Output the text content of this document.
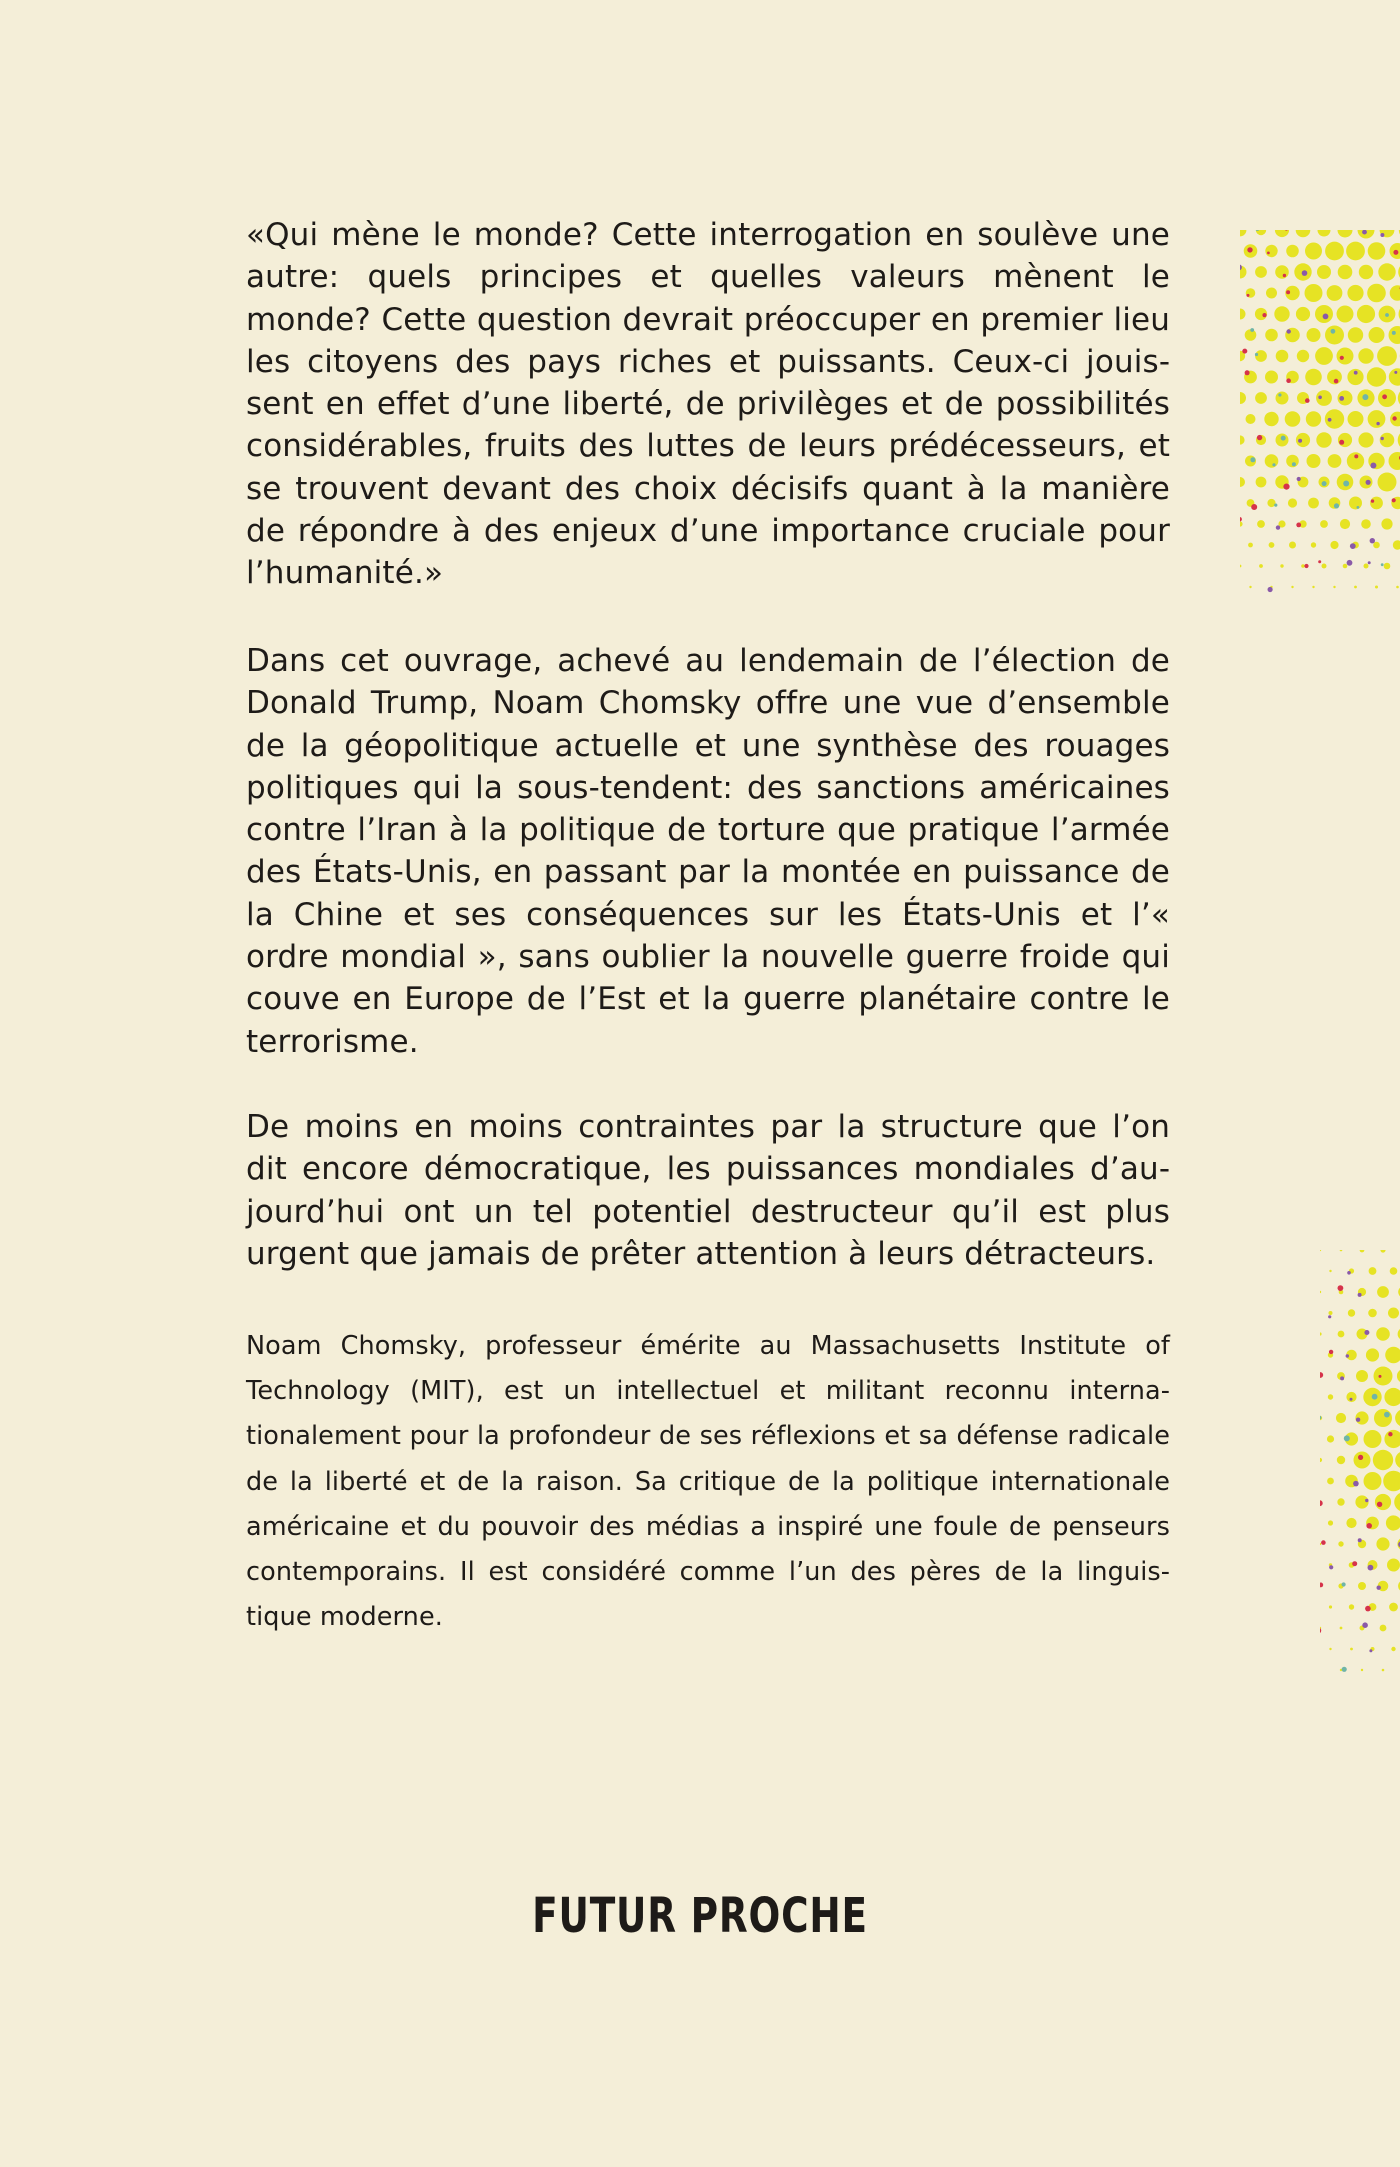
«Qui mène le monde? Cette interrogation en soulève une autre: quels principes et quelles valeurs mènent le monde? Cette question devrait préoccuper en premier lieu les citoyens des pays riches et puissants. Ceux-ci jouissent en effet d’une liberté, de privilèges et de possibilités considérables, fruits des luttes de leurs prédécesseurs, et se trouvent devant des choix décisifs quant à la manière de répondre à des enjeux d’une importance cruciale pour l’humanité.»

Dans cet ouvrage, achevé au lendemain de l’élection de Donald Trump, Noam Chomsky offre une vue d’ensemble de la géopolitique actuelle et une synthèse des rouages politiques qui la sous-tendent: des sanctions américaines contre l’Iran à la politique de torture que pratique l’armée des États-Unis, en passant par la montée en puissance de la Chine et ses conséquences sur les États-Unis et l’« ordre mondial », sans oublier la nouvelle guerre froide qui couve en Europe de l’Est et la guerre planétaire contre le terrorisme.

De moins en moins contraintes par la structure que l’on dit encore démocratique, les puissances mondiales d’aujourd’hui ont un tel potentiel destructeur qu’il est plus urgent que jamais de prêter attention à leurs détracteurs.

Noam Chomsky, professeur émérite au Massachusetts Institute of Technology (MIT), est un intellectuel et militant reconnu internationalement pour la profondeur de ses réflexions et sa défense radicale de la liberté et de la raison. Sa critique de la politique internationale américaine et du pouvoir des médias a inspiré une foule de penseurs contemporains. Il est considéré comme l’un des pères de la linguistique moderne.

FUTUR PROCHE
